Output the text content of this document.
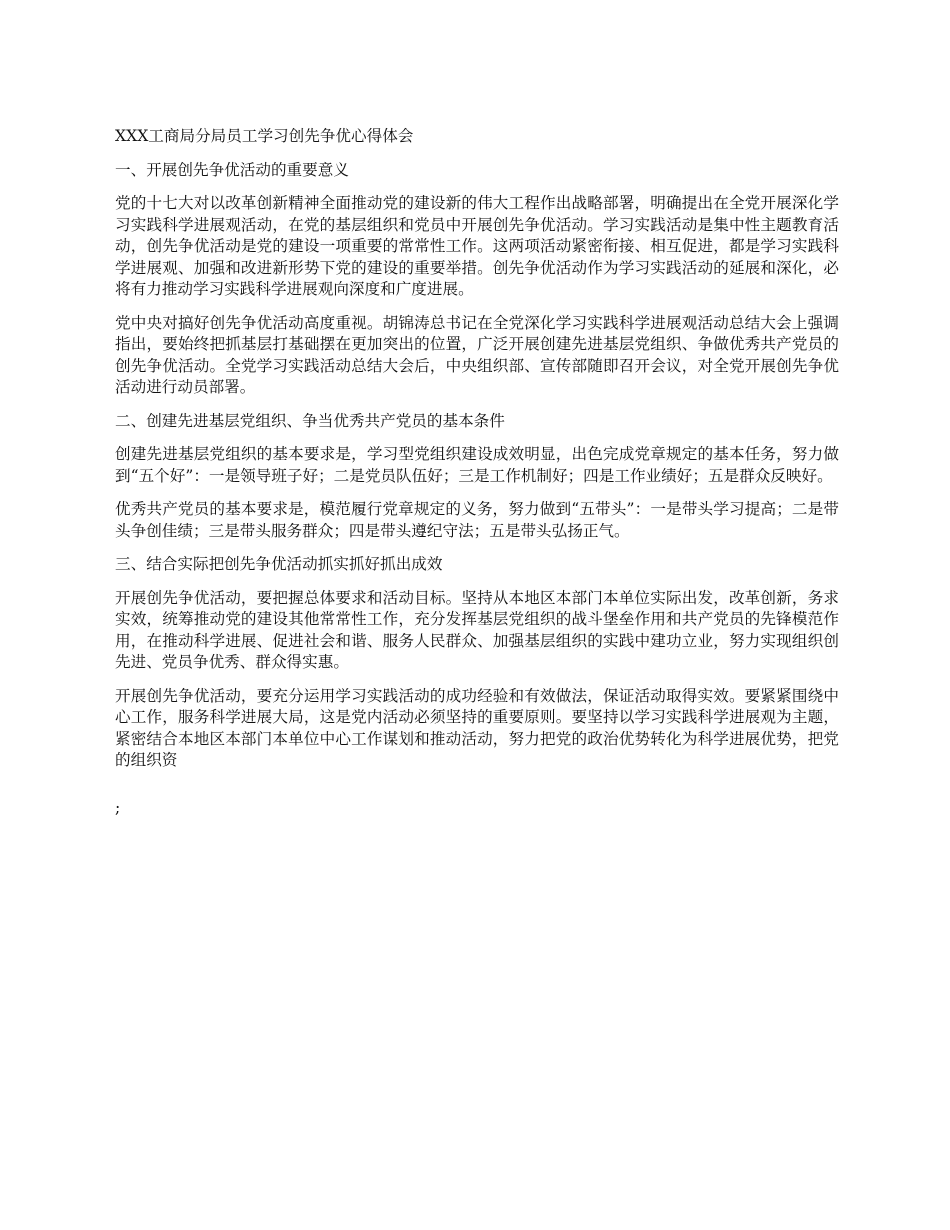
XXX工商局分局员工学习创先争优心得体会
一、开展创先争优活动的重要意义
党的十七大对以改革创新精神全面推动党的建设新的伟大工程作出战略部署，明确提出在全党开展深化学习实践科学进展观活动，在党的基层组织和党员中开展创先争优活动。学习实践活动是集中性主题教育活动，创先争优活动是党的建设一项重要的常常性工作。这两项活动紧密衔接、相互促进，都是学习实践科学进展观、加强和改进新形势下党的建设的重要举措。创先争优活动作为学习实践活动的延展和深化，必将有力推动学习实践科学进展观向深度和广度进展。
党中央对搞好创先争优活动高度重视。胡锦涛总书记在全党深化学习实践科学进展观活动总结大会上强调指出，要始终把抓基层打基础摆在更加突出的位置，广泛开展创建先进基层党组织、争做优秀共产党员的创先争优活动。全党学习实践活动总结大会后，中央组织部、宣传部随即召开会议，对全党开展创先争优活动进行动员部署。
二、创建先进基层党组织、争当优秀共产党员的基本条件
创建先进基层党组织的基本要求是，学习型党组织建设成效明显，出色完成党章规定的基本任务，努力做到“五个好”：一是领导班子好；二是党员队伍好；三是工作机制好；四是工作业绩好；五是群众反映好。
优秀共产党员的基本要求是，模范履行党章规定的义务，努力做到“五带头”：一是带头学习提高；二是带头争创佳绩；三是带头服务群众；四是带头遵纪守法；五是带头弘扬正气。
三、结合实际把创先争优活动抓实抓好抓出成效
开展创先争优活动，要把握总体要求和活动目标。坚持从本地区本部门本单位实际出发，改革创新，务求实效，统筹推动党的建设其他常常性工作，充分发挥基层党组织的战斗堡垒作用和共产党员的先锋模范作用，在推动科学进展、促进社会和谐、服务人民群众、加强基层组织的实践中建功立业，努力实现组织创先进、党员争优秀、群众得实惠。
开展创先争优活动，要充分运用学习实践活动的成功经验和有效做法，保证活动取得实效。要紧紧围绕中心工作，服务科学进展大局，这是党内活动必须坚持的重要原则。要坚持以学习实践科学进展观为主题，紧密结合本地区本部门本单位中心工作谋划和推动活动，努力把党的政治优势转化为科学进展优势，把党的组织资
;
